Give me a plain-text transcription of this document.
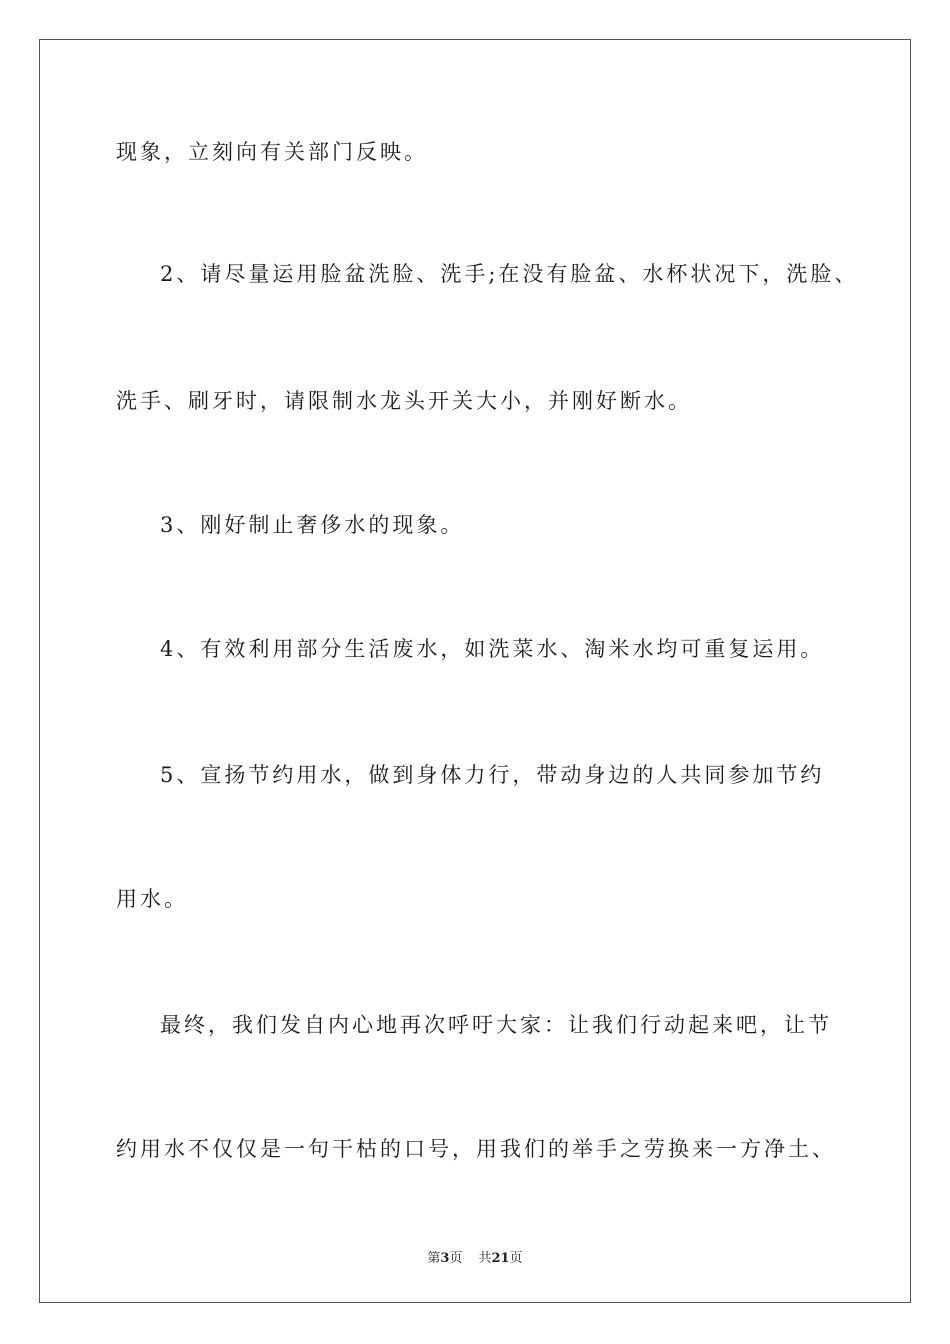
现象，立刻向有关部门反映。
2、请尽量运用脸盆洗脸、洗手;在没有脸盆、水杯状况下，洗脸、
洗手、刷牙时，请限制水龙头开关大小，并刚好断水。
3、刚好制止奢侈水的现象。
4、有效利用部分生活废水，如洗菜水、淘米水均可重复运用。
5、宣扬节约用水，做到身体力行，带动身边的人共同参加节约
用水。
最终，我们发自内心地再次呼吁大家：让我们行动起来吧，让节
约用水不仅仅是一句干枯的口号，用我们的举手之劳换来一方净土、
第3页 共21页
